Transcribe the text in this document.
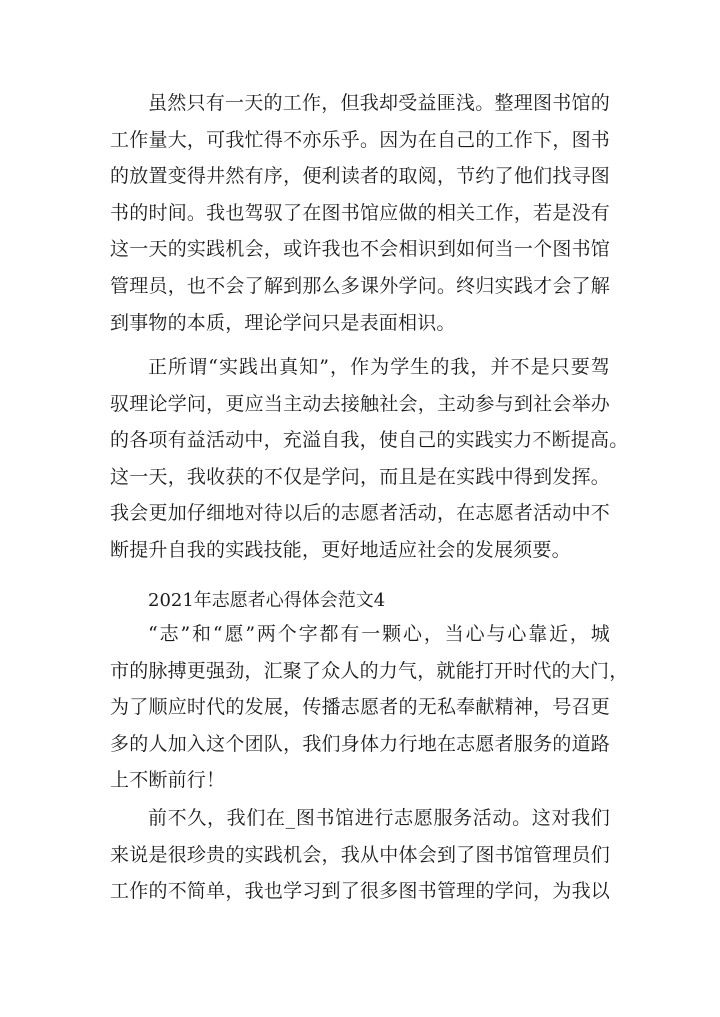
虽然只有一天的工作，但我却受益匪浅。整理图书馆的
工作量大，可我忙得不亦乐乎。因为在自己的工作下，图书
的放置变得井然有序，便利读者的取阅，节约了他们找寻图
书的时间。我也驾驭了在图书馆应做的相关工作，若是没有
这一天的实践机会，或许我也不会相识到如何当一个图书馆
管理员，也不会了解到那么多课外学问。终归实践才会了解
到事物的本质，理论学问只是表面相识。
正所谓“实践出真知”，作为学生的我，并不是只要驾
驭理论学问，更应当主动去接触社会，主动参与到社会举办
的各项有益活动中，充溢自我，使自己的实践实力不断提高。
这一天，我收获的不仅是学问，而且是在实践中得到发挥。
我会更加仔细地对待以后的志愿者活动，在志愿者活动中不
断提升自我的实践技能，更好地适应社会的发展须要。
2021年志愿者心得体会范文4
“志”和“愿”两个字都有一颗心，当心与心靠近，城
市的脉搏更强劲，汇聚了众人的力气，就能打开时代的大门，
为了顺应时代的发展，传播志愿者的无私奉献精神，号召更
多的人加入这个团队，我们身体力行地在志愿者服务的道路
上不断前行！
前不久，我们在_图书馆进行志愿服务活动。这对我们
来说是很珍贵的实践机会，我从中体会到了图书馆管理员们
工作的不简单，我也学习到了很多图书管理的学问，为我以
